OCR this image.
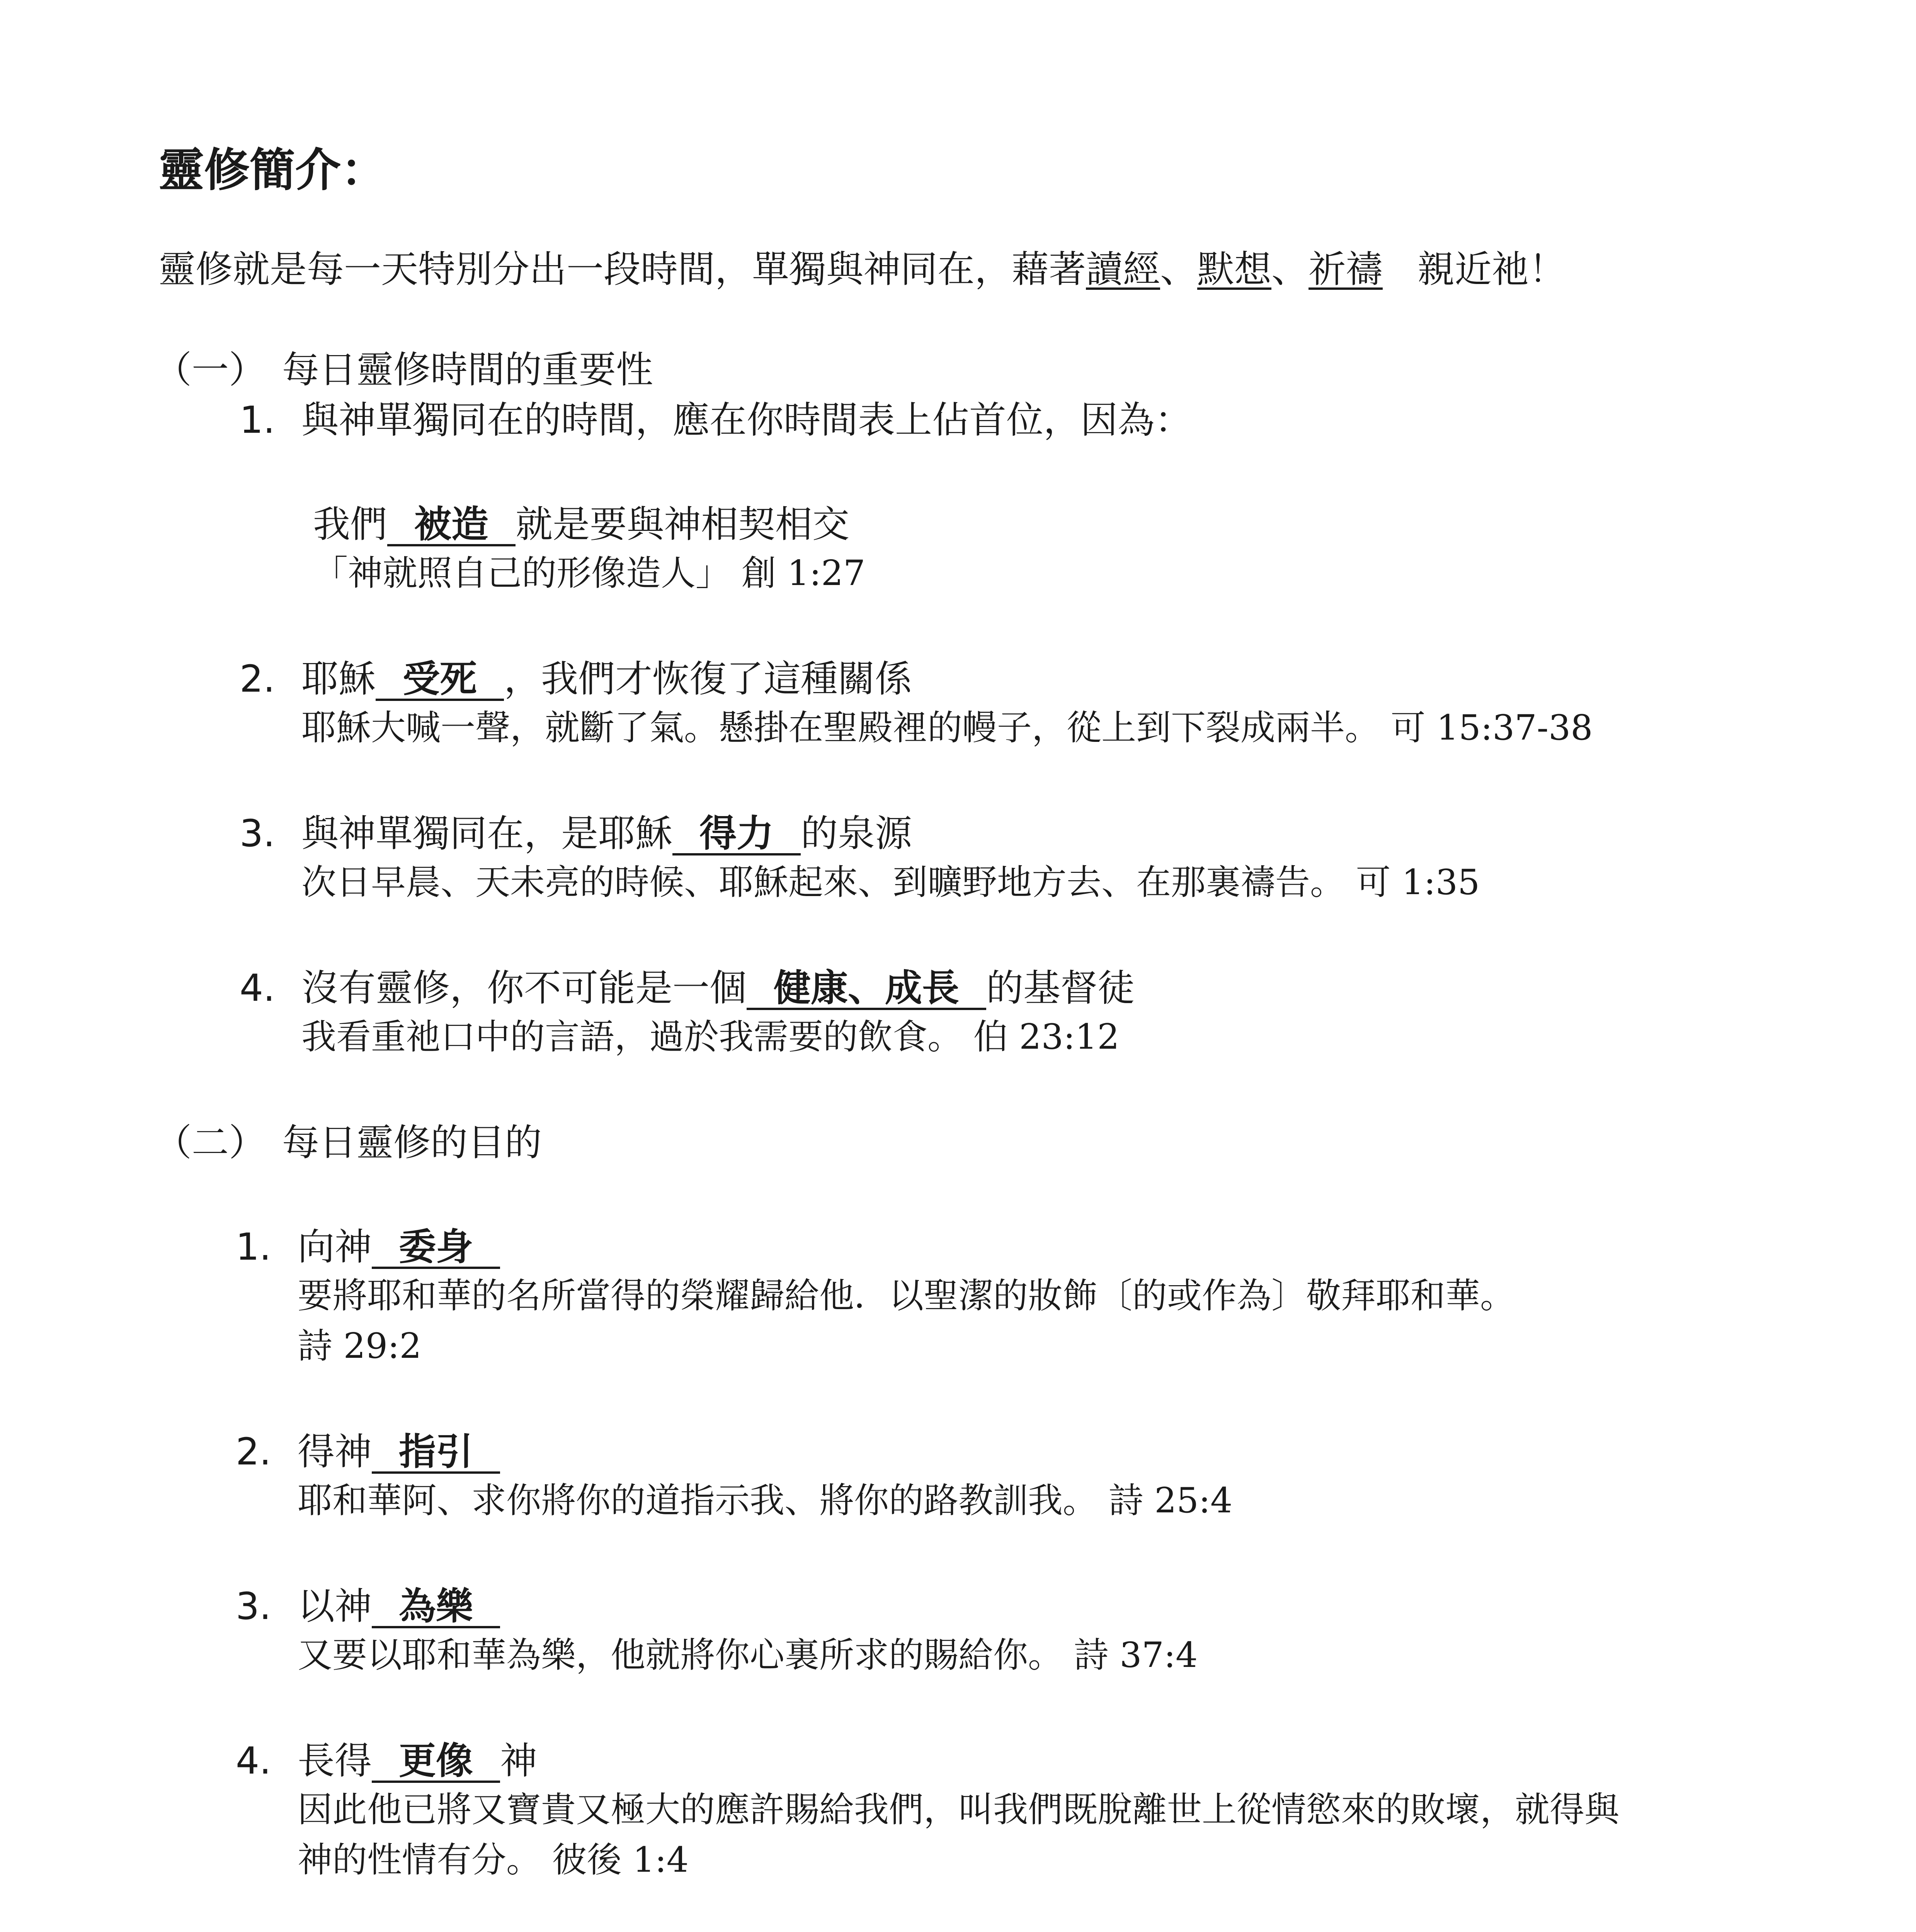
靈修簡介：
靈修就是每一天特別分出一段時間，單獨與神同在，藉著讀經、默想、祈禱 親近祂！
（一） 每日靈修時間的重要性
1. 與神單獨同在的時間，應在你時間表上佔首位，因為：
我們 被造 就是要與神相契相交
「神就照自己的形像造人」 創 1:27
2. 耶穌 受死 ，我們才恢復了這種關係
耶穌大喊一聲，就斷了氣。懸掛在聖殿裡的幔子，從上到下裂成兩半。 可 15:37-38
3. 與神單獨同在，是耶穌 得力 的泉源
次日早晨、天未亮的時候、耶穌起來、到曠野地方去、在那裏禱告。 可 1:35
4. 沒有靈修，你不可能是一個 健康、成長 的基督徒
我看重祂口中的言語，過於我需要的飲食。 伯 23:12
（二） 每日靈修的目的
1. 向神 委身
要將耶和華的名所當得的榮耀歸給他．以聖潔的妝飾〔的或作為〕敬拜耶和華。
詩 29:2
2. 得神 指引
耶和華阿、求你將你的道指示我、將你的路教訓我。 詩 25:4
3. 以神 為樂
又要以耶和華為樂，他就將你心裏所求的賜給你。 詩 37:4
4. 長得 更像 神
因此他已將又寶貴又極大的應許賜給我們，叫我們既脫離世上從情慾來的敗壞，就得與
神的性情有分。 彼後 1:4
